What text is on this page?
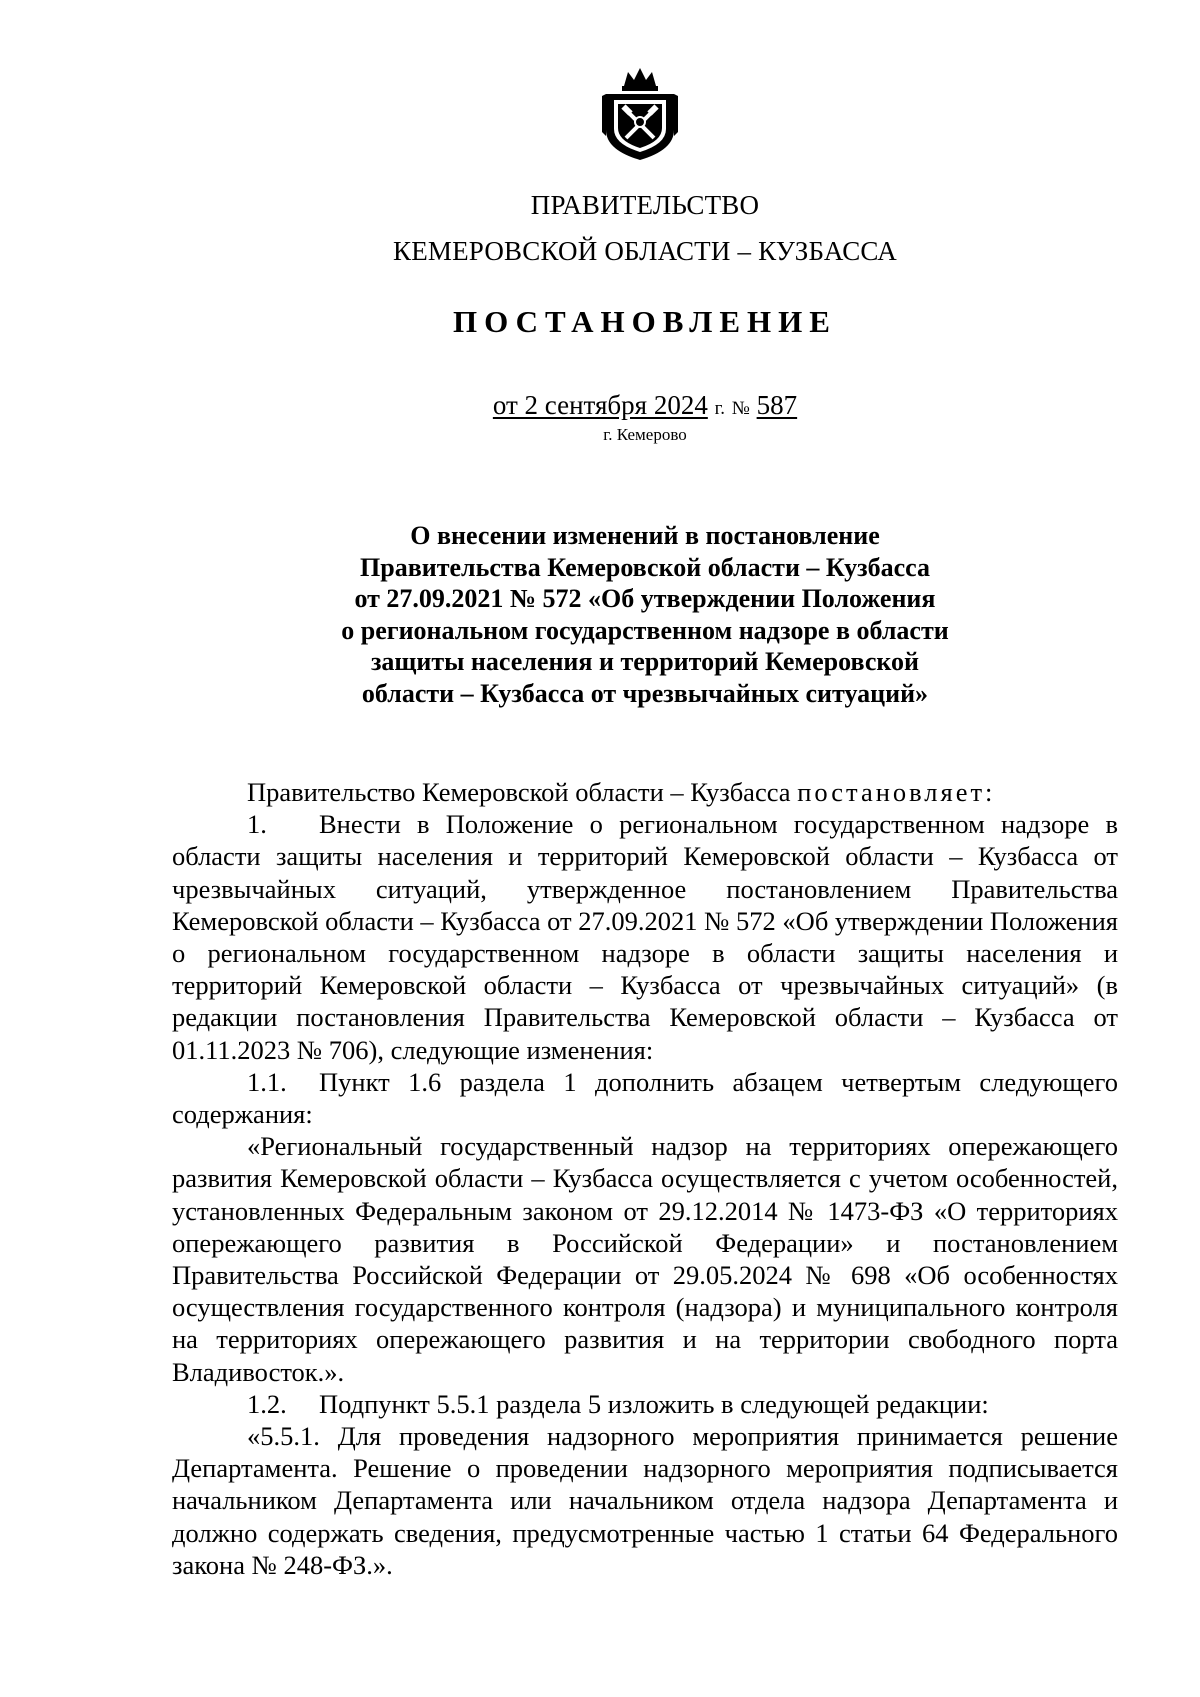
ПРАВИТЕЛЬСТВО
КЕМЕРОВСКОЙ ОБЛАСТИ – КУЗБАССА
ПОСТАНОВЛЕНИЕ
от 2 сентября 2024 г. № 587
г. Кемерово
О внесении изменений в постановление
Правительства Кемеровской области – Кузбасса
от 27.09.2021 № 572 «Об утверждении Положения
о региональном государственном надзоре в области
защиты населения и территорий Кемеровской
области – Кузбасса от чрезвычайных ситуаций»

Правительство Кемеровской области – Кузбасса постановляет:

1. Внести в Положение о региональном государственном надзоре в области защиты населения и территорий Кемеровской области – Кузбасса от чрезвычайных ситуаций, утвержденное постановлением Правительства Кемеровской области – Кузбасса от 27.09.2021 № 572 «Об утверждении Положения о региональном государственном надзоре в области защиты населения и территорий Кемеровской области – Кузбасса от чрезвычайных ситуаций» (в редакции постановления Правительства Кемеровской области – Кузбасса от 01.11.2023 № 706), следующие изменения:

1.1. Пункт 1.6 раздела 1 дополнить абзацем четвертым следующего содержания:

«Региональный государственный надзор на территориях опережающего развития Кемеровской области – Кузбасса осуществляется с учетом особенностей, установленных Федеральным законом от 29.12.2014 № 1473-ФЗ «О территориях опережающего развития в Российской Федерации» и постановлением Правительства Российской Федерации от 29.05.2024 № 698 «Об особенностях осуществления государственного контроля (надзора) и муниципального контроля на территориях опережающего развития и на территории свободного порта Владивосток.».

1.2. Подпункт 5.5.1 раздела 5 изложить в следующей редакции:

«5.5.1. Для проведения надзорного мероприятия принимается решение Департамента. Решение о проведении надзорного мероприятия подписывается начальником Департамента или начальником отдела надзора Департамента и должно содержать сведения, предусмотренные частью 1 статьи 64 Федерального закона № 248-ФЗ.».
